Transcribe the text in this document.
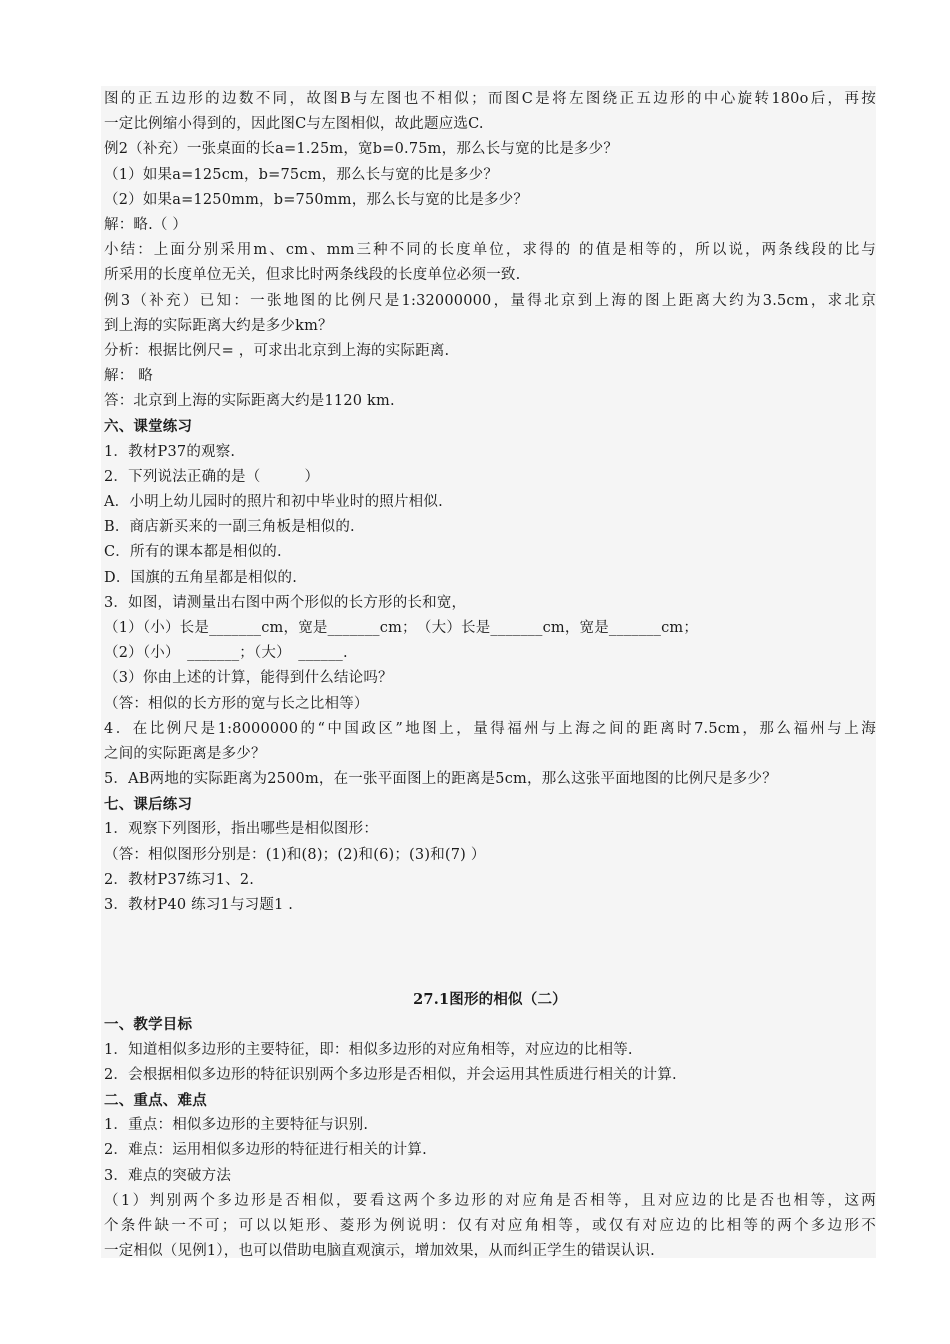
图的正五边形的边数不同，故图B与左图也不相似；而图C是将左图绕正五边形的中心旋转180o后，再按
一定比例缩小得到的，因此图C与左图相似，故此题应选C.
例2（补充）一张桌面的长a=1.25m，宽b=0.75m，那么长与宽的比是多少？
（1）如果a=125cm，b=75cm，那么长与宽的比是多少？
（2）如果a=1250mm，b=750mm，那么长与宽的比是多少？
解：略.（ ）
小结：上面分别采用m、cm、mm三种不同的长度单位，求得的 的值是相等的，所以说，两条线段的比与
所采用的长度单位无关，但求比时两条线段的长度单位必须一致.
例3（补充）已知：一张地图的比例尺是1:32000000，量得北京到上海的图上距离大约为3.5cm，求北京
到上海的实际距离大约是多少km？
分析：根据比例尺= ，可求出北京到上海的实际距离.
解： 略
答：北京到上海的实际距离大约是1120 km.
六、课堂练习
1．教材P37的观察.
2．下列说法正确的是（　　　）
A．小明上幼儿园时的照片和初中毕业时的照片相似.
B．商店新买来的一副三角板是相似的.
C．所有的课本都是相似的.
D．国旗的五角星都是相似的.
3．如图，请测量出右图中两个形似的长方形的长和宽，
（1）（小）长是_______cm，宽是_______cm；　（大）长是_______cm，宽是_______cm；
（2）（小）　_______；（大）　______.
（3）你由上述的计算，能得到什么结论吗？
（答：相似的长方形的宽与长之比相等）
4．在比例尺是1:8000000的“中国政区”地图上，量得福州与上海之间的距离时7.5cm，那么福州与上海
之间的实际距离是多少？
5．AB两地的实际距离为2500m，在一张平面图上的距离是5cm，那么这张平面地图的比例尺是多少？
七、课后练习
1．观察下列图形，指出哪些是相似图形：
（答：相似图形分别是：(1)和(8)；(2)和(6)；(3)和(7) ）
2．教材P37练习1、2.
3．教材P40 练习1与习题1 .
27.1图形的相似（二）
一、教学目标
1．知道相似多边形的主要特征，即：相似多边形的对应角相等，对应边的比相等.
2．会根据相似多边形的特征识别两个多边形是否相似，并会运用其性质进行相关的计算.
二、重点、难点
1．重点：相似多边形的主要特征与识别.
2．难点：运用相似多边形的特征进行相关的计算.
3．难点的突破方法
（1）判别两个多边形是否相似，要看这两个多边形的对应角是否相等，且对应边的比是否也相等，这两
个条件缺一不可；可以以矩形、菱形为例说明：仅有对应角相等，或仅有对应边的比相等的两个多边形不
一定相似（见例1），也可以借助电脑直观演示，增加效果，从而纠正学生的错误认识.
